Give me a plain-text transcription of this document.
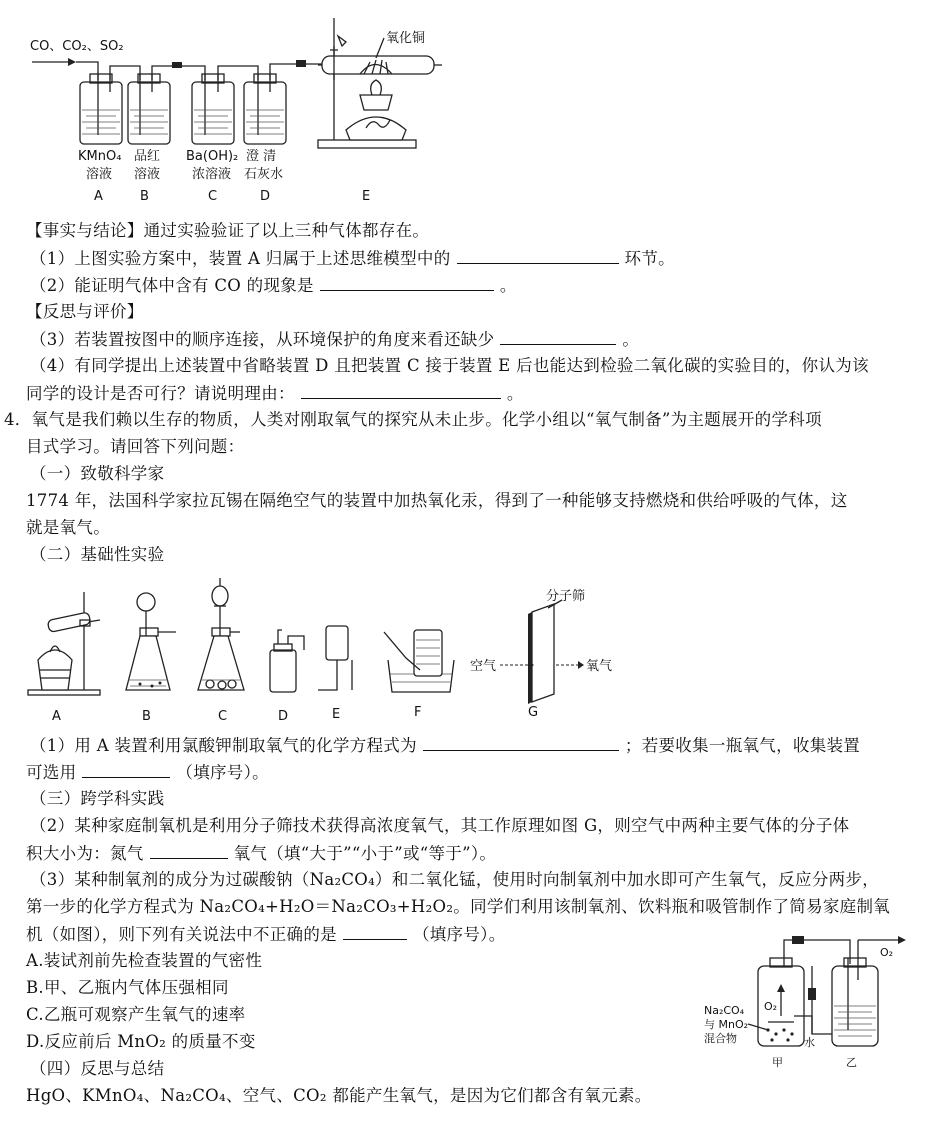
CO、CO₂、SO₂
氧化铜
KMnO₄
溶液
A
品红
溶液
B
Ba(OH)₂
浓溶液
C
澄 清
石灰水
D	E
【事实与结论】通过实验验证了以上三种气体都存在。
（1）上图实验方案中，装置 A 归属于上述思维模型中的	环节。
（2）能证明气体中含有 CO 的现象是	。
【反思与评价】
（3）若装置按图中的顺序连接，从环境保护的角度来看还缺少	。
（4）有同学提出上述装置中省略装置 D 且把装置 C 接于装置 E 后也能达到检验二氧化碳的实验目的，你认为该
同学的设计是否可行？请说明理由：	。
4．氧气是我们赖以生存的物质，人类对刚取氧气的探究从未止步。化学小组以“氧气制备”为主题展开的学科项
目式学习。请回答下列问题：
（一）致敬科学家
1774 年，法国科学家拉瓦锡在隔绝空气的装置中加热氧化汞，得到了一种能够支持燃烧和供给呼吸的气体，这
就是氧气。
（二）基础性实验
分子筛
空气	氧气
A	B	C	D	E	F	G
（1）用 A 装置利用氯酸钾制取氧气的化学方程式为	；若要收集一瓶氧气，收集装置
可选用	（填序号）。
（三）跨学科实践
（2）某种家庭制氧机是利用分子筛技术获得高浓度氧气，其工作原理如图 G，则空气中两种主要气体的分子体
积大小为：氮气	氧气（填“大于”“小于”或“等于”）。
（3）某种制氧剂的成分为过碳酸钠（Na₂CO₄）和二氧化锰，使用时向制氧剂中加水即可产生氧气，反应分两步，
第一步的化学方程式为 Na₂CO₄+H₂O＝Na₂CO₃+H₂O₂。同学们利用该制氧剂、饮料瓶和吸管制作了简易家庭制氧
机（如图），则下列有关说法中不正确的是	（填序号）。
A.装试剂前先检查装置的气密性
B.甲、乙瓶内气体压强相同
C.乙瓶可观察产生氧气的速率
D.反应前后 MnO₂ 的质量不变
（四）反思与总结
HgO、KMnO₄、Na₂CO₄、空气、CO₂ 都能产生氧气，是因为它们都含有氧元素。
O₂
O₂
Na₂CO₄
与 MnO₂
混合物	水
甲	乙
